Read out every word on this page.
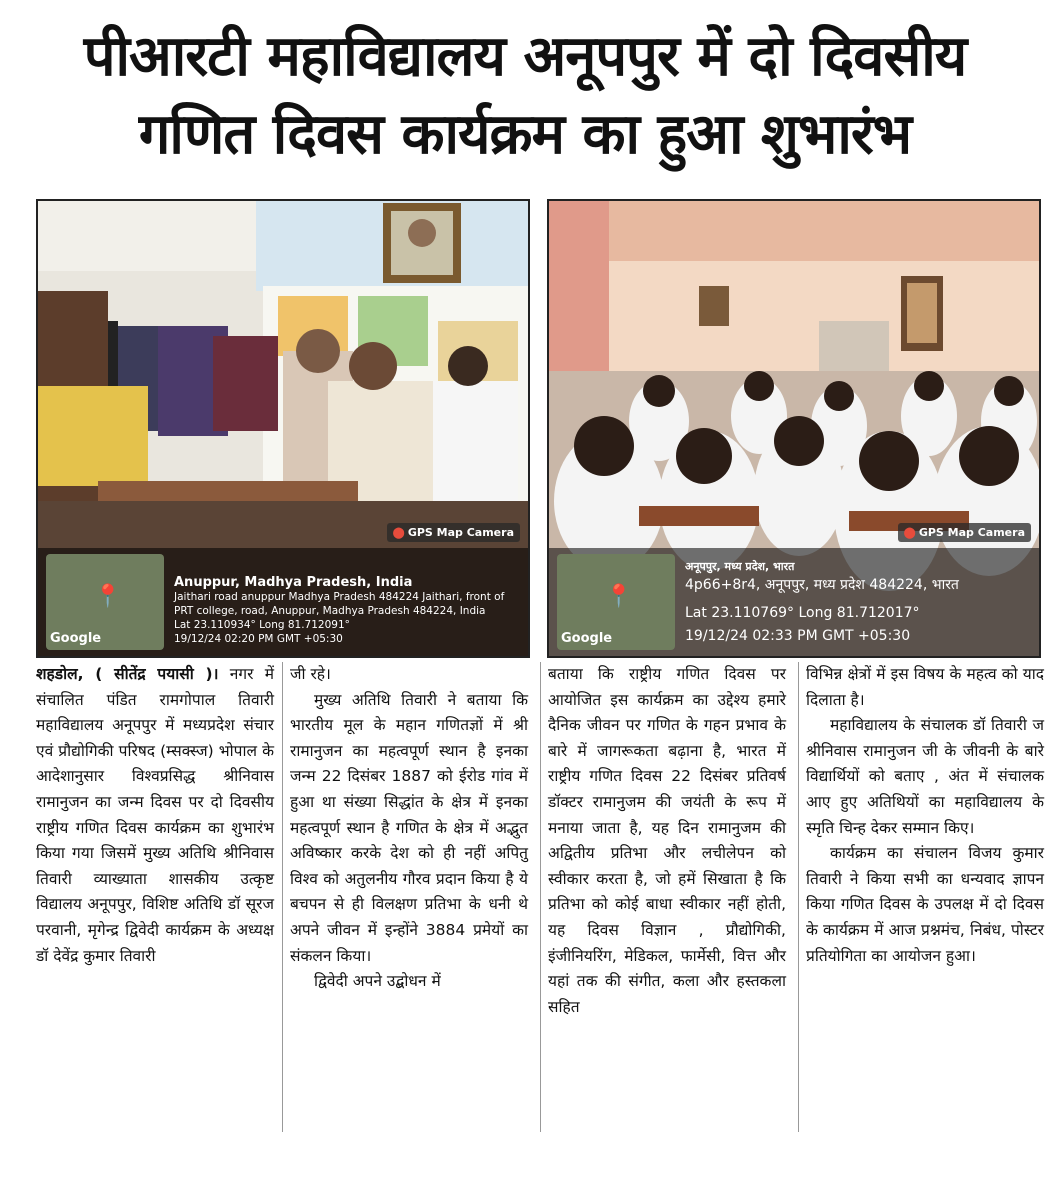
पीआरटी महाविद्यालय अनूपपुर में दो दिवसीय
गणित दिवस कार्यक्रम का हुआ शुभारंभ
⬤ GPS Map Camera
📍
Google
Anuppur, Madhya Pradesh, India
Jaithari road anuppur Madhya Pradesh 484224 Jaithari, front of PRT college, road, Anuppur, Madhya Pradesh 484224, India
Lat 23.110934° Long 81.712091°
19/12/24 02:20 PM GMT +05:30
⬤ GPS Map Camera
📍
Google
अनूपपुर, मध्य प्रदेश, भारत
4p66+8r4, अनूपपुर, मध्य प्रदेश 484224, भारत
Lat 23.110769° Long 81.712017°
19/12/24 02:33 PM GMT +05:30

शहडोल, ( सीतेंद्र पयासी )। नगर में संचालित पंडित रामगोपाल तिवारी महाविद्यालय अनूपपुर में मध्यप्रदेश संचार एवं प्रौद्योगिकी परिषद (म्सक्स्ज) भोपाल के आदेशानुसार विश्वप्रसिद्ध श्रीनिवास रामानुजन का जन्म दिवस पर दो दिवसीय राष्ट्रीय गणित दिवस कार्यक्रम का शुभारंभ किया गया जिसमें मुख्य अतिथि श्रीनिवास तिवारी व्याख्याता शासकीय उत्कृष्ट विद्यालय अनूपपुर, विशिष्ट अतिथि डॉ सूरज परवानी, मृगेन्द्र द्विवेदी कार्यक्रम के अध्यक्ष डॉ देवेंद्र कुमार तिवारी

जी रहे।

मुख्य अतिथि तिवारी ने बताया कि भारतीय मूल के महान गणितज्ञों में श्री रामानुजन का महत्वपूर्ण स्थान है इनका जन्म 22 दिसंबर 1887 को ईरोड गांव में हुआ था संख्या सिद्धांत के क्षेत्र में इनका महत्वपूर्ण स्थान है गणित के क्षेत्र में अद्भुत अविष्कार करके देश को ही नहीं अपितु विश्व को अतुलनीय गौरव प्रदान किया है ये बचपन से ही विलक्षण प्रतिभा के धनी थे अपने जीवन में इन्होंने 3884 प्रमेयों का संकलन किया।

द्विवेदी अपने उद्बोधन में

बताया कि राष्ट्रीय गणित दिवस पर आयोजित इस कार्यक्रम का उद्देश्य हमारे दैनिक जीवन पर गणित के गहन प्रभाव के बारे में जागरूकता बढ़ाना है, भारत में राष्ट्रीय गणित दिवस 22 दिसंबर प्रतिवर्ष डॉक्टर रामानुजम की जयंती के रूप में मनाया जाता है, यह दिन रामानुजम की अद्वितीय प्रतिभा और लचीलेपन को स्वीकार करता है, जो हमें सिखाता है कि प्रतिभा को कोई बाधा स्वीकार नहीं होती, यह दिवस विज्ञान , प्रौद्योगिकी, इंजीनियरिंग, मेडिकल, फार्मेसी, वित्त और यहां तक की संगीत, कला और हस्तकला सहित

विभिन्न क्षेत्रों में इस विषय के महत्व को याद दिलाता है।

महाविद्यालय के संचालक डॉ तिवारी ज श्रीनिवास रामानुजन जी के जीवनी के बारे विद्यार्थियों को बताए , अंत में संचालक आए हुए अतिथियों का महाविद्यालय के स्मृति चिन्ह देकर सम्मान किए।

कार्यक्रम का संचालन विजय कुमार तिवारी ने किया सभी का धन्यवाद ज्ञापन किया गणित दिवस के उपलक्ष में दो दिवस के कार्यक्रम में आज प्रश्नमंच, निबंध, पोस्टर प्रतियोगिता का आयोजन हुआ।
